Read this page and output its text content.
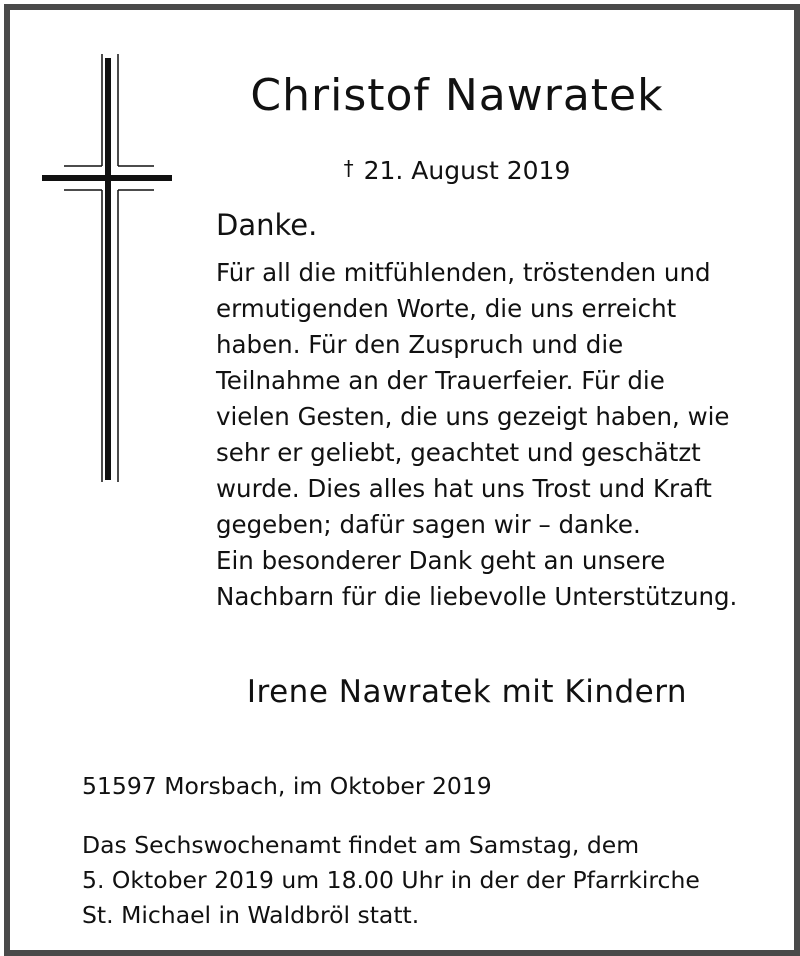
Christof Nawratek
† 21. August 2019
Danke.
Für all die mitfühlenden, tröstenden und
ermutigenden Worte, die uns erreicht
haben. Für den Zuspruch und die
Teilnahme an der Trauerfeier. Für die
vielen Gesten, die uns gezeigt haben, wie
sehr er geliebt, geachtet und geschätzt
wurde. Dies alles hat uns Trost und Kraft
gegeben; dafür sagen wir – danke.
Ein besonderer Dank geht an unsere
Nachbarn für die liebevolle Unterstützung.
Irene Nawratek mit Kindern
51597 Morsbach, im Oktober 2019
Das Sechswochenamt findet am Samstag, dem
5. Oktober 2019 um 18.00 Uhr in der der Pfarrkirche
St. Michael in Waldbröl statt.
